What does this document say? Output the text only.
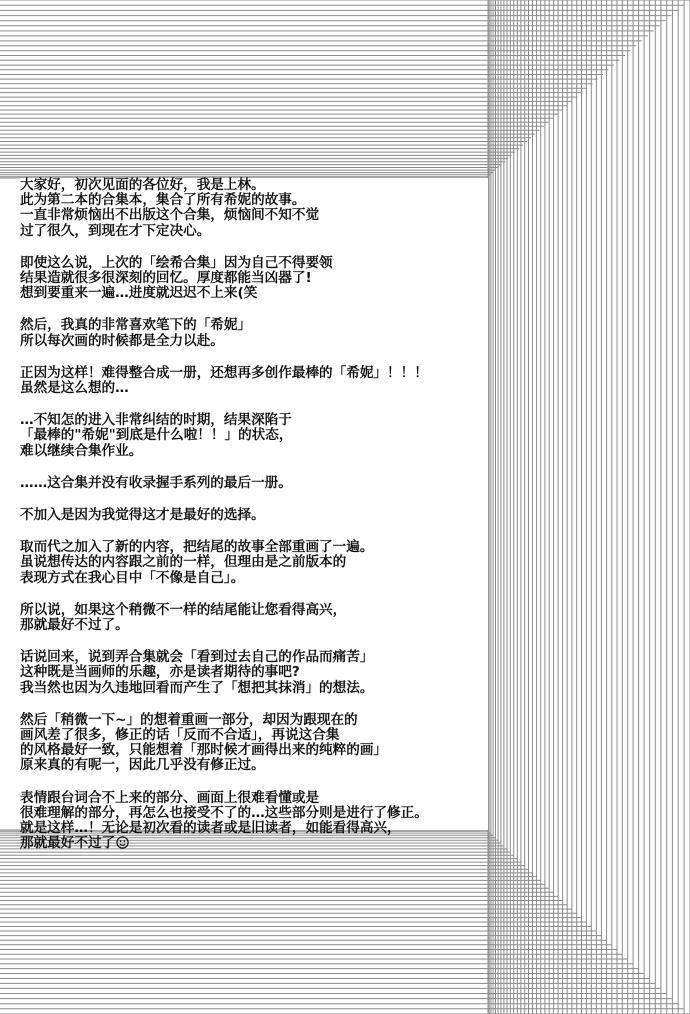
大家好，初次见面的各位好，我是上林。
此为第二本的合集本，集合了所有希妮的故事。
一直非常烦恼出不出版这个合集，烦恼间不知不觉
过了很久，到现在才下定决心。
即使这么说，上次的「绘希合集」因为自己不得要领
结果造就很多很深刻的回忆。厚度都能当凶器了!
想到要重来一遍…进度就迟迟不上来(笑
然后，我真的非常喜欢笔下的「希妮」
所以每次画的时候都是全力以赴。
正因为这样！难得整合成一册，还想再多创作最棒的「希妮」！！！
虽然是这么想的…
…不知怎的进入非常纠结的时期，结果深陷于
「最棒的"希妮"到底是什么啦！！」的状态，
难以继续合集作业。
……这合集并没有收录握手系列的最后一册。
不加入是因为我觉得这才是最好的选择。
取而代之加入了新的内容，把结尾的故事全部重画了一遍。
虽说想传达的内容跟之前的一样，但理由是之前版本的
表现方式在我心目中「不像是自己」。
所以说，如果这个稍微不一样的结尾能让您看得高兴，
那就最好不过了。
话说回来，说到弄合集就会「看到过去自己的作品而痛苦」
这种既是当画师的乐趣，亦是读者期待的事吧?
我当然也因为久违地回看而产生了「想把其抹消」的想法。
然后「稍微一下~」的想着重画一部分，却因为跟现在的
画风差了很多，修正的话「反而不合适」，再说这合集
的风格最好一致，只能想着「那时候才画得出来的纯粹的画」
原来真的有呢一，因此几乎没有修正过。
表情跟台词合不上来的部分、画面上很难看懂或是
很难理解的部分，再怎么也接受不了的…这些部分则是进行了修正。
就是这样…！无论是初次看的读者或是旧读者，如能看得高兴，
那就最好不过了
